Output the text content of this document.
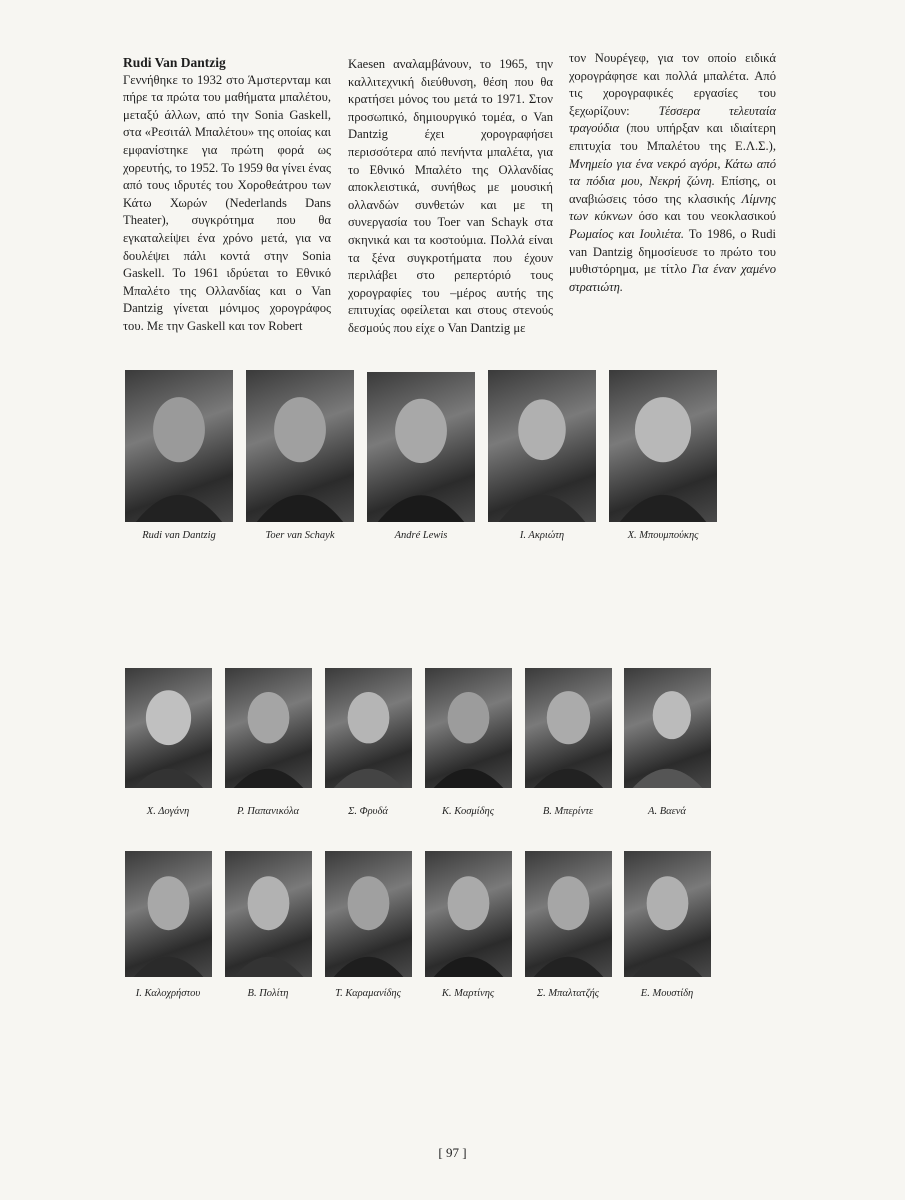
Rudi Van Dantzig
Γεννήθηκε το 1932 στο Άμστερνταμ και πήρε τα πρώτα του μαθήματα μπαλέτου, μεταξύ άλλων, από την Sonia Gaskell, στα «Ρεσιτάλ Μπαλέτου» της οποίας και εμφανίστηκε για πρώτη φορά ως χορευτής, το 1952. Το 1959 θα γίνει ένας από τους ιδρυτές του Χοροθεάτρου των Κάτω Χωρών (Nederlands Dans Theater), συγκρότημα που θα εγκαταλείψει ένα χρόνο μετά, για να δουλέψει πάλι κοντά στην Sonia Gaskell. Το 1961 ιδρύεται το Εθνικό Μπαλέτο της Ολλανδίας και ο Van Dantzig γίνεται μόνιμος χορογράφος του. Με την Gaskell και τον Robert

Kaesen αναλαμβάνουν, το 1965, την καλλιτεχνική διεύθυνση, θέση που θα κρατήσει μόνος του μετά το 1971. Στον προσωπικό, δημιουργικό τομέα, ο Van Dantzig έχει χορογραφήσει περισσότερα από πενήντα μπαλέτα, για το Εθνικό Μπαλέτο της Ολλανδίας αποκλειστικά, συνήθως με μουσική ολλανδών συνθετών και με τη συνεργασία του Toer van Schayk στα σκηνικά και τα κοστούμια. Πολλά είναι τα ξένα συγκροτήματα που έχουν περιλάβει στο ρεπερτόριό τους χορογραφίες του –μέρος αυτής της επιτυχίας οφείλεται και στους στενούς δεσμούς που είχε ο Van Dantzig με

τον Νουρέγεφ, για τον οποίο ειδικά χορογράφησε και πολλά μπαλέτα. Από τις χορογραφικές εργασίες του ξεχωρίζουν: Τέσσερα τελευταία τραγούδια (που υπήρξαν και ιδιαίτερη επιτυχία του Μπαλέτου της Ε.Λ.Σ.), Μνημείο για ένα νεκρό αγόρι, Κάτω από τα πόδια μου, Νεκρή ζώνη. Επίσης, οι αναβιώσεις τόσο της κλασικής Λίμνης των κύκνων όσο και του νεοκλασικού Ρωμαίος και Ιουλιέτα. Το 1986, ο Rudi van Dantzig δημοσίευσε το πρώτο του μυθιστόρημα, με τίτλο Για έναν χαμένο στρατιώτη.

Rudi van Dantzig	Toer van Schayk	André Lewis	Ι. Ακριώτη	Χ. Μπουμπούκης
Χ. Δογάνη	Ρ. Παπανικόλα	Σ. Φρυδά	Κ. Κοσμίδης	Β. Μπερίντε	Α. Βαενά
Ι. Καλοχρήστου	Β. Πολίτη	Τ. Καραμανίδης	Κ. Μαρτίνης	Σ. Μπαλτατζής	Ε. Μουστίδη
[ 97 ]
